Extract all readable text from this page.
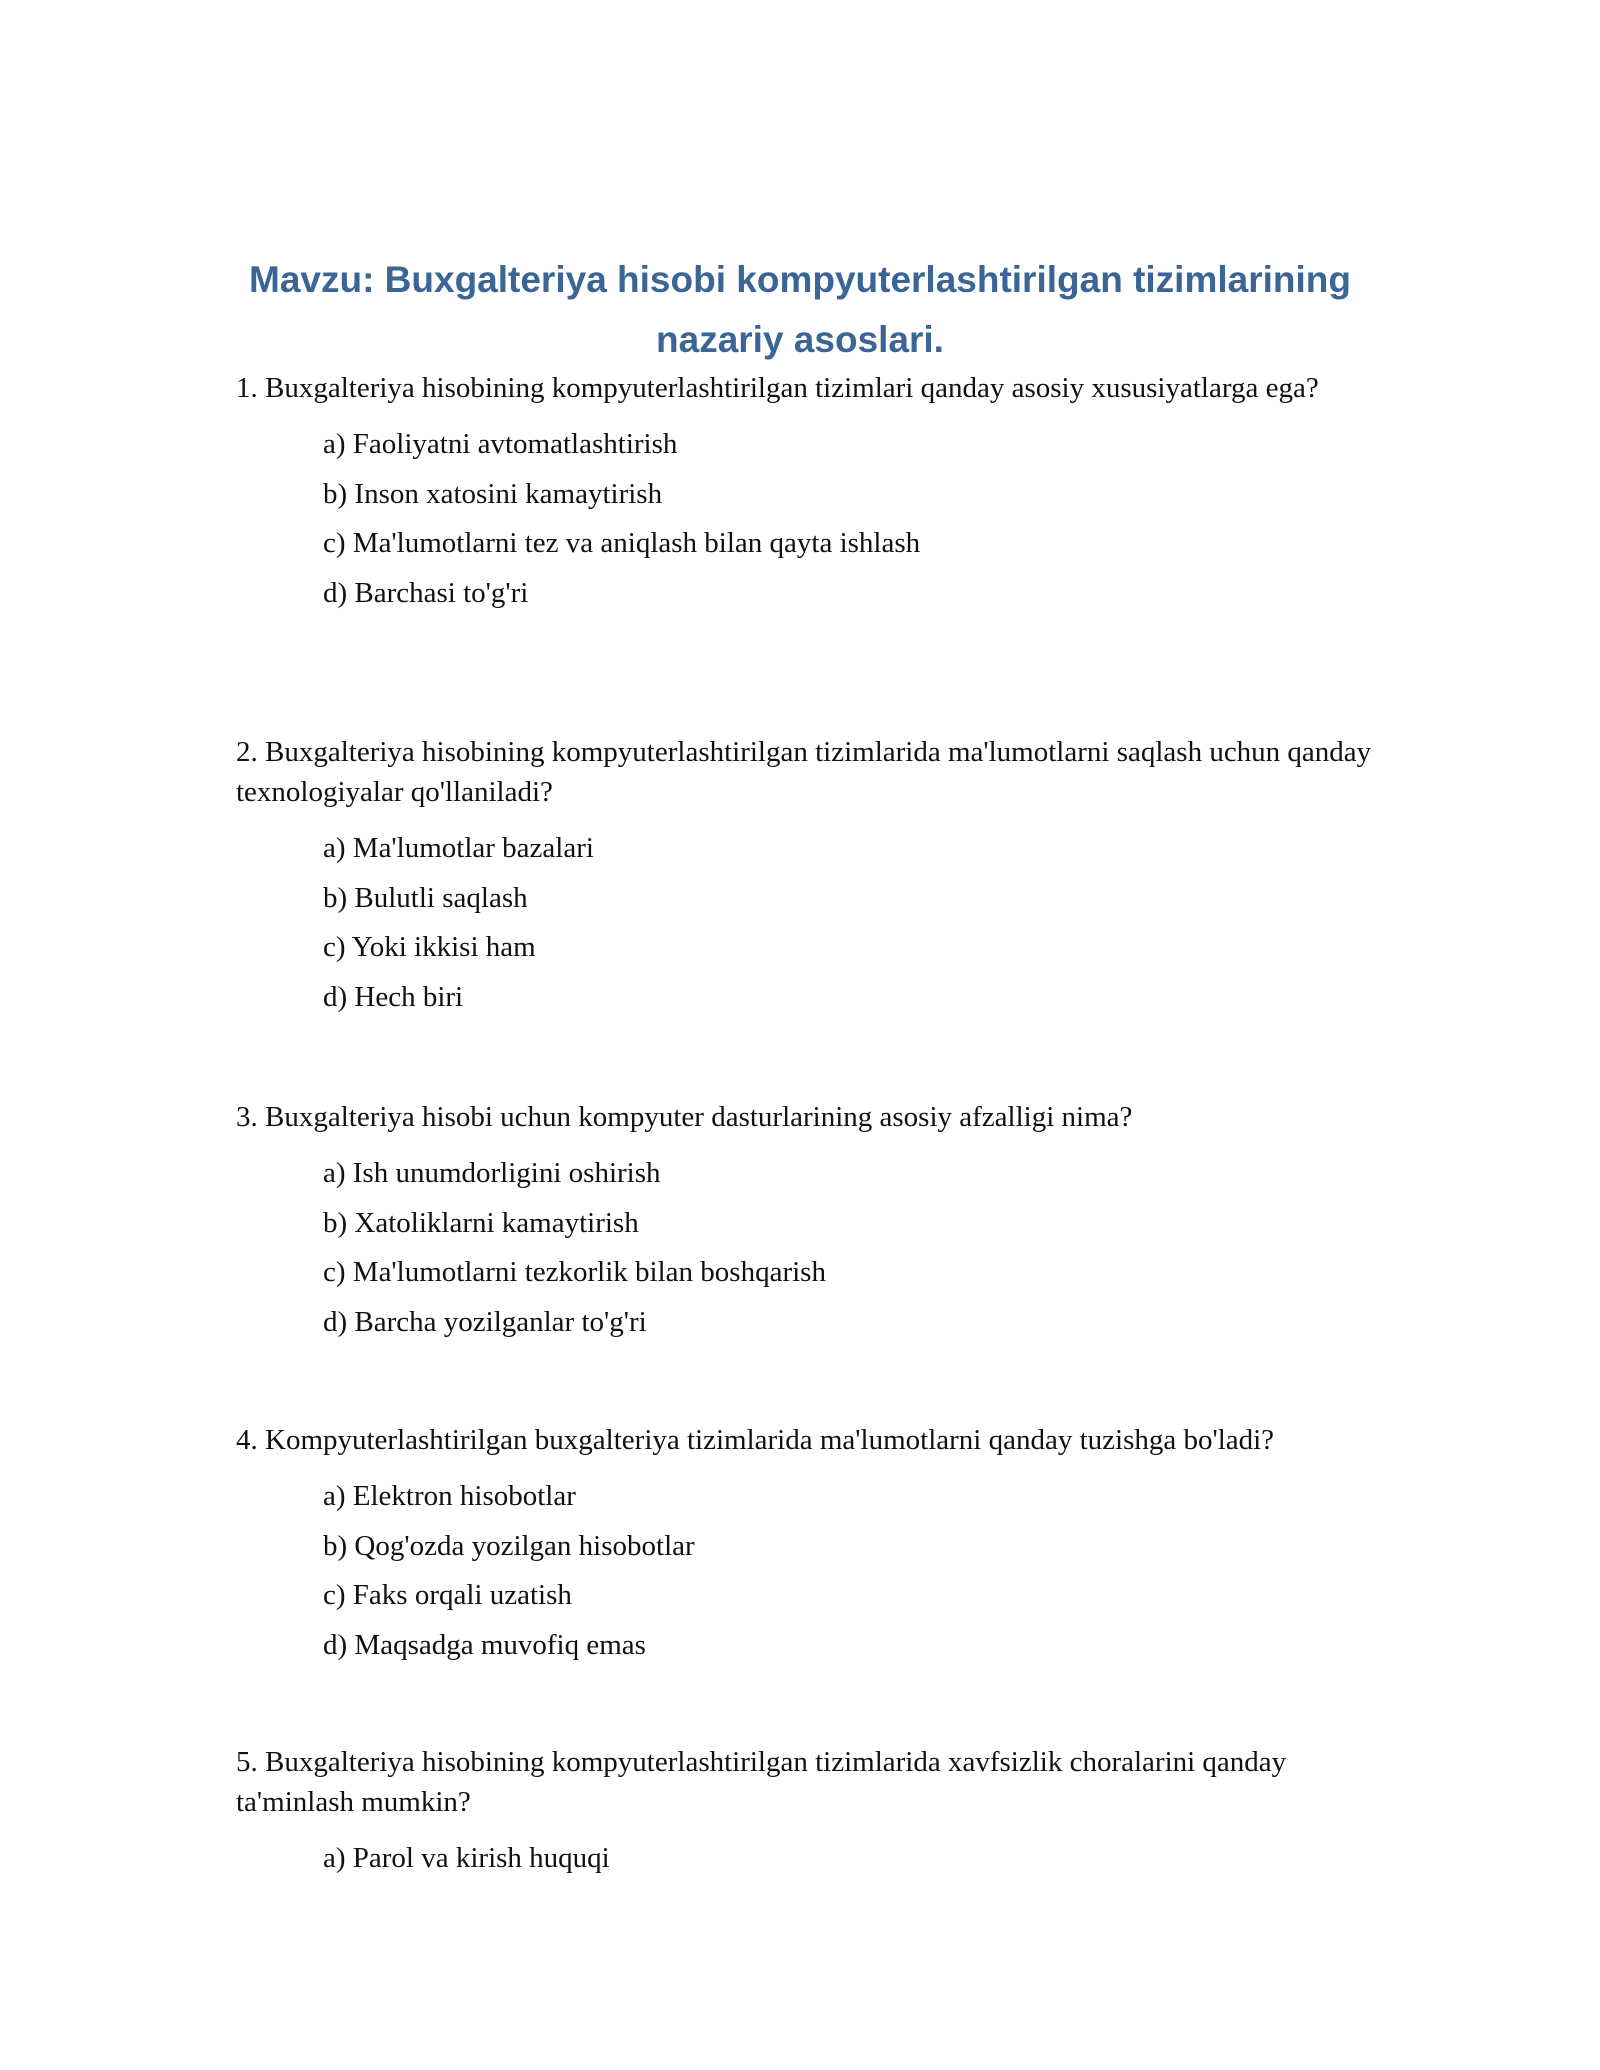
Mavzu: Buxgalteriya hisobi kompyuterlashtirilgan tizimlarining
nazariy asoslari.

1. Buxgalteriya hisobining kompyuterlashtirilgan tizimlari qanday asosiy xususiyatlarga ega?

a) Faoliyatni avtomatlashtirish
b) Inson xatosini kamaytirish
c) Ma'lumotlarni tez va aniqlash bilan qayta ishlash
d) Barchasi to'g'ri

2. Buxgalteriya hisobining kompyuterlashtirilgan tizimlarida ma'lumotlarni saqlash uchun qanday texnologiyalar qo'llaniladi?

a) Ma'lumotlar bazalari
b) Bulutli saqlash
c) Yoki ikkisi ham
d) Hech biri

3. Buxgalteriya hisobi uchun kompyuter dasturlarining asosiy afzalligi nima?

a) Ish unumdorligini oshirish
b) Xatoliklarni kamaytirish
c) Ma'lumotlarni tezkorlik bilan boshqarish
d) Barcha yozilganlar to'g'ri

4. Kompyuterlashtirilgan buxgalteriya tizimlarida ma'lumotlarni qanday tuzishga bo'ladi?

a) Elektron hisobotlar
b) Qog'ozda yozilgan hisobotlar
c) Faks orqali uzatish
d) Maqsadga muvofiq emas

5. Buxgalteriya hisobining kompyuterlashtirilgan tizimlarida xavfsizlik choralarini qanday ta'minlash mumkin?

a) Parol va kirish huquqi
